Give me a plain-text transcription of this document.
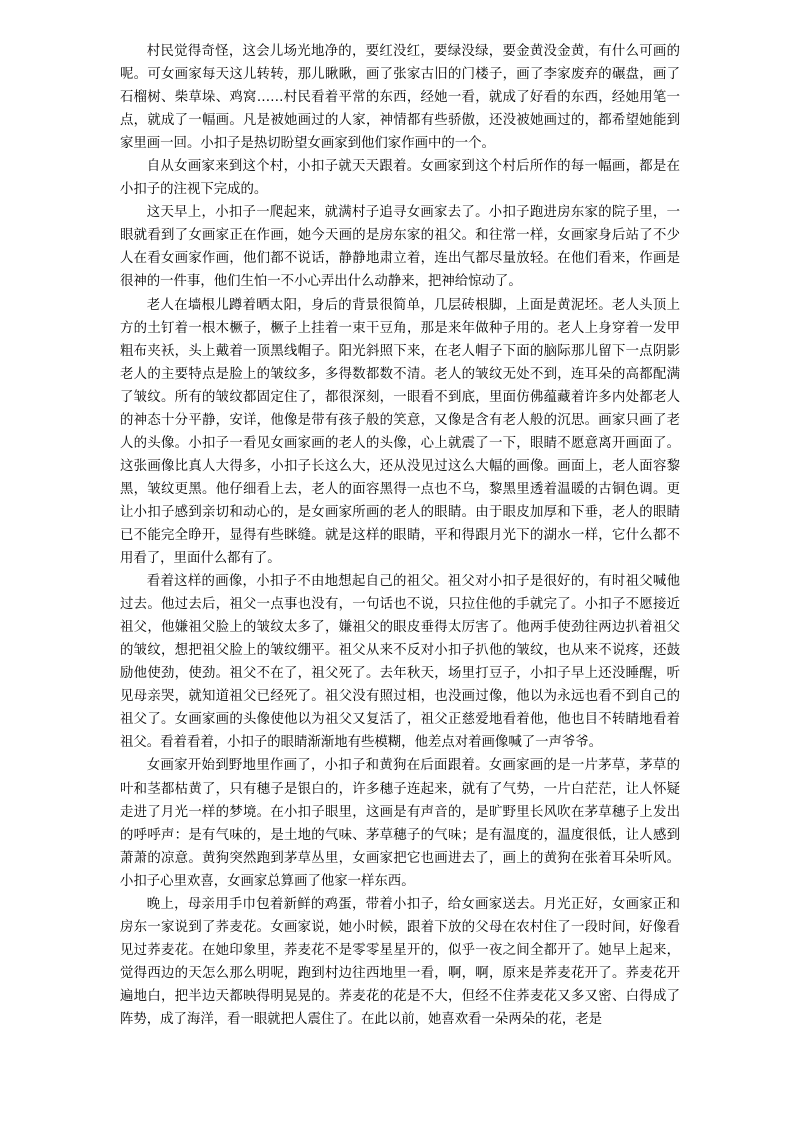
村民觉得奇怪，这会儿场光地净的，要红没红，要绿没绿，要金黄没金黄，有什么可画的呢。可女画家每天这儿转转，那儿瞅瞅，画了张家古旧的门楼子，画了李家废弃的碾盘，画了石榴树、柴草垛、鸡窝……村民看着平常的东西，经她一看，就成了好看的东西，经她用笔一点，就成了一幅画。凡是被她画过的人家，神情都有些骄傲，还没被她画过的，都希望她能到家里画一回。小扣子是热切盼望女画家到他们家作画中的一个。

自从女画家来到这个村，小扣子就天天跟着。女画家到这个村后所作的每一幅画，都是在小扣子的注视下完成的。

这天早上，小扣子一爬起来，就满村子追寻女画家去了。小扣子跑进房东家的院子里，一眼就看到了女画家正在作画，她今天画的是房东家的祖父。和往常一样，女画家身后站了不少人在看女画家作画，他们都不说话，静静地肃立着，连出气都尽量放轻。在他们看来，作画是很神的一件事，他们生怕一不小心弄出什么动静来，把神给惊动了。

老人在墙根儿蹲着晒太阳，身后的背景很简单，几层砖根脚，上面是黄泥坯。老人头顶上方的土钉着一根木橛子，橛子上挂着一束干豆角，那是来年做种子用的。老人上身穿着一发甲粗布夹袄，头上戴着一顶黑线帽子。阳光斜照下来，在老人帽子下面的脑际那儿留下一点阴影老人的主要特点是脸上的皱纹多，多得数都数不清。老人的皱纹无处不到，连耳朵的高都配满了皱纹。所有的皱纹都固定住了，都很深刻，一眼看不到底，里面仿佛蕴藏着许多内处都老人的神态十分平静，安详，他像是带有孩子般的笑意，又像是含有老人般的沉思。画家只画了老人的头像。小扣子一看见女画家画的老人的头像，心上就震了一下，眼睛不愿意离开画面了。这张画像比真人大得多，小扣子长这么大，还从没见过这么大幅的画像。画面上，老人面容黎黑，皱纹更黑。他仔细看上去，老人的面容黑得一点也不乌，黎黑里透着温暖的古铜色调。更让小扣子感到亲切和动心的，是女画家所画的老人的眼睛。由于眼皮加厚和下垂，老人的眼睛已不能完全睁开，显得有些眯缝。就是这样的眼睛，平和得跟月光下的湖水一样，它什么都不用看了，里面什么都有了。

看着这样的画像，小扣子不由地想起自己的祖父。祖父对小扣子是很好的，有时祖父喊他过去。他过去后，祖父一点事也没有，一句话也不说，只拉住他的手就完了。小扣子不愿接近祖父，他嫌祖父脸上的皱纹太多了，嫌祖父的眼皮垂得太厉害了。他两手使劲往两边扒着祖父的皱纹，想把祖父脸上的皱纹绷平。祖父从来不反对小扣子扒他的皱纹，也从来不说疼，还鼓励他使劲，使劲。祖父不在了，祖父死了。去年秋天，场里打豆子，小扣子早上还没睡醒，听见母亲哭，就知道祖父已经死了。祖父没有照过相，也没画过像，他以为永远也看不到自己的祖父了。女画家画的头像使他以为祖父又复活了，祖父正慈爱地看着他，他也目不转睛地看着祖父。看着看着，小扣子的眼睛渐渐地有些模糊，他差点对着画像喊了一声爷爷。

女画家开始到野地里作画了，小扣子和黄狗在后面跟着。女画家画的是一片茅草，茅草的叶和茎都枯黄了，只有穗子是银白的，许多穗子连起来，就有了气势，一片白茫茫，让人怀疑走进了月光一样的梦境。在小扣子眼里，这画是有声音的，是旷野里长风吹在茅草穗子上发出的呼呼声：是有气味的，是土地的气味、茅草穗子的气味；是有温度的，温度很低，让人感到萧萧的凉意。黄狗突然跑到茅草丛里，女画家把它也画进去了，画上的黄狗在张着耳朵听风。小扣子心里欢喜，女画家总算画了他家一样东西。

晚上，母亲用手巾包着新鲜的鸡蛋，带着小扣子，给女画家送去。月光正好，女画家正和房东一家说到了荞麦花。女画家说，她小时候，跟着下放的父母在农村住了一段时间，好像看见过荞麦花。在她印象里，荞麦花不是零零星星开的，似乎一夜之间全都开了。她早上起来，觉得西边的天怎么那么明呢，跑到村边往西地里一看，啊，啊，原来是荞麦花开了。荞麦花开遍地白，把半边天都映得明晃晃的。荞麦花的花是不大，但经不住荞麦花又多又密、白得成了阵势，成了海洋，看一眼就把人震住了。在此以前，她喜欢看一朵两朵的花，老是
